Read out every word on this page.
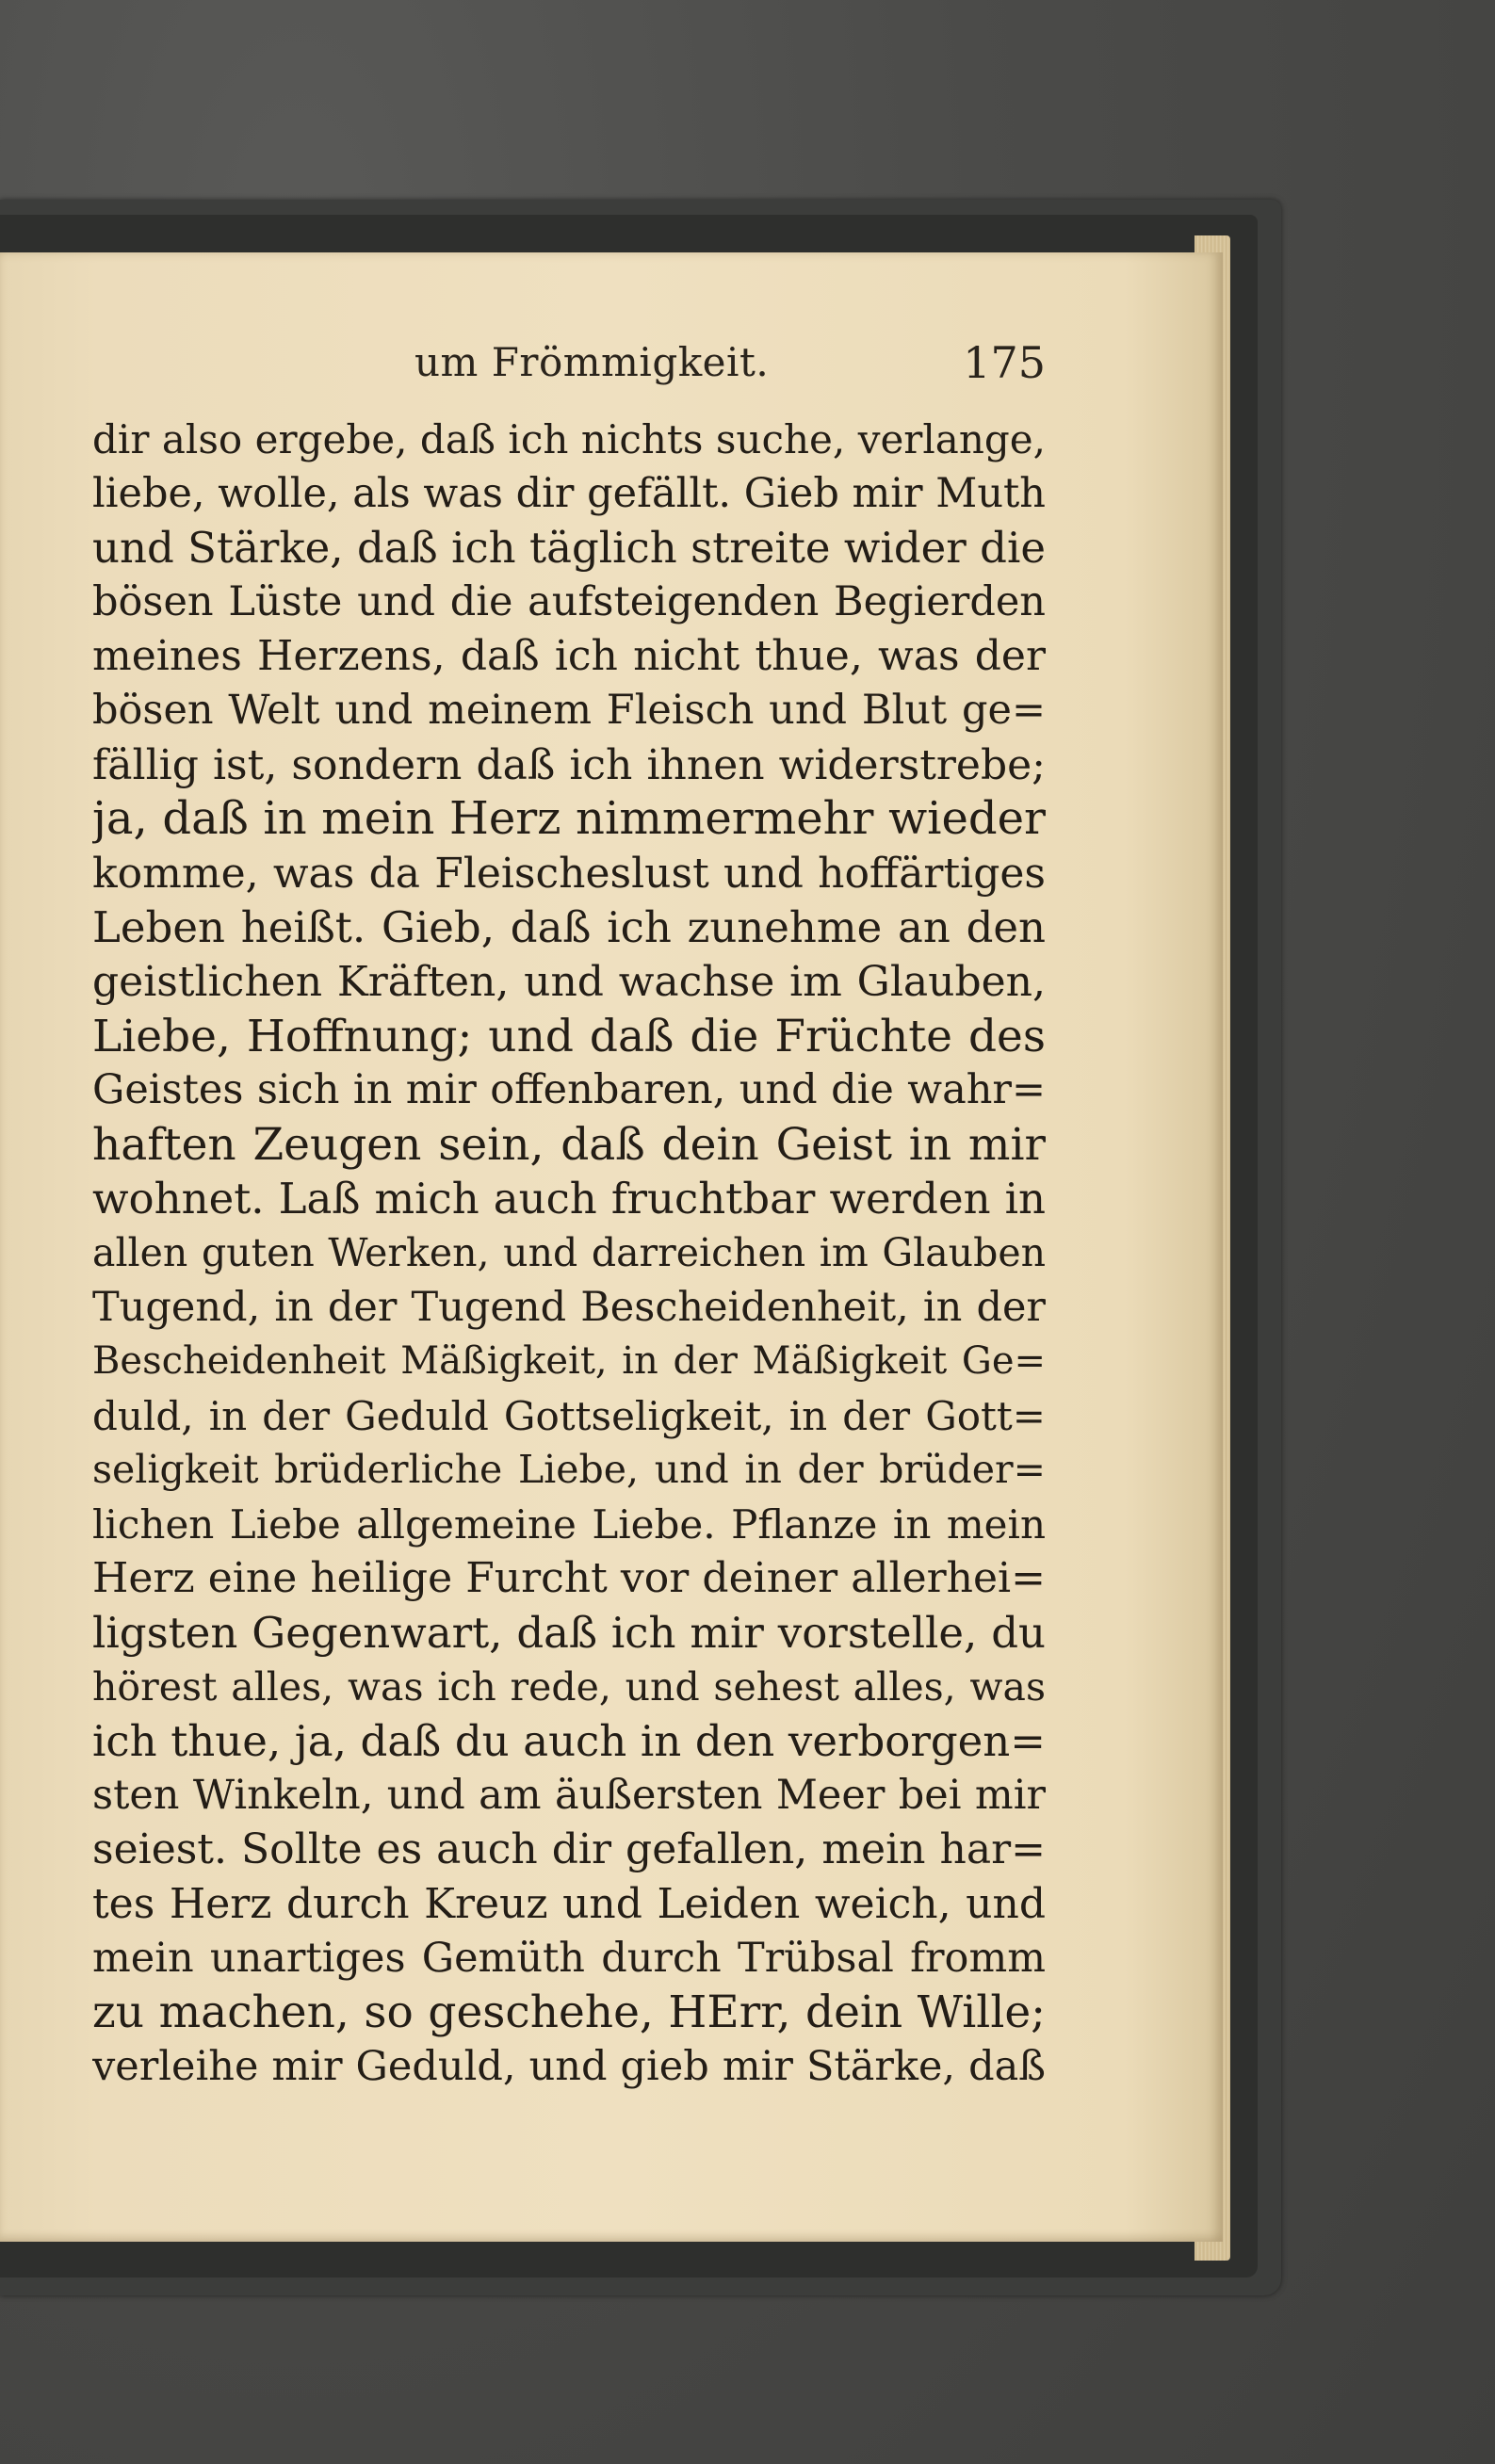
um Frömmigkeit.	175
dir also ergebe, daß ich nichts suche, verlange,
liebe, wolle, als was dir gefällt. Gieb mir Muth
und Stärke, daß ich täglich streite wider die
bösen Lüste und die aufsteigenden Begierden
meines Herzens, daß ich nicht thue, was der
bösen Welt und meinem Fleisch und Blut ge=
fällig ist, sondern daß ich ihnen widerstrebe;
ja, daß in mein Herz nimmermehr wieder
komme, was da Fleischeslust und hoffärtiges
Leben heißt. Gieb, daß ich zunehme an den
geistlichen Kräften, und wachse im Glauben,
Liebe, Hoffnung; und daß die Früchte des
Geistes sich in mir offenbaren, und die wahr=
haften Zeugen sein, daß dein Geist in mir
wohnet. Laß mich auch fruchtbar werden in
allen guten Werken, und darreichen im Glauben
Tugend, in der Tugend Bescheidenheit, in der
Bescheidenheit Mäßigkeit, in der Mäßigkeit Ge=
duld, in der Geduld Gottseligkeit, in der Gott=
seligkeit brüderliche Liebe, und in der brüder=
lichen Liebe allgemeine Liebe. Pflanze in mein
Herz eine heilige Furcht vor deiner allerhei=
ligsten Gegenwart, daß ich mir vorstelle, du
hörest alles, was ich rede, und sehest alles, was
ich thue, ja, daß du auch in den verborgen=
sten Winkeln, und am äußersten Meer bei mir
seiest. Sollte es auch dir gefallen, mein har=
tes Herz durch Kreuz und Leiden weich, und
mein unartiges Gemüth durch Trübsal fromm
zu machen, so geschehe, HErr, dein Wille;
verleihe mir Geduld, und gieb mir Stärke, daß
